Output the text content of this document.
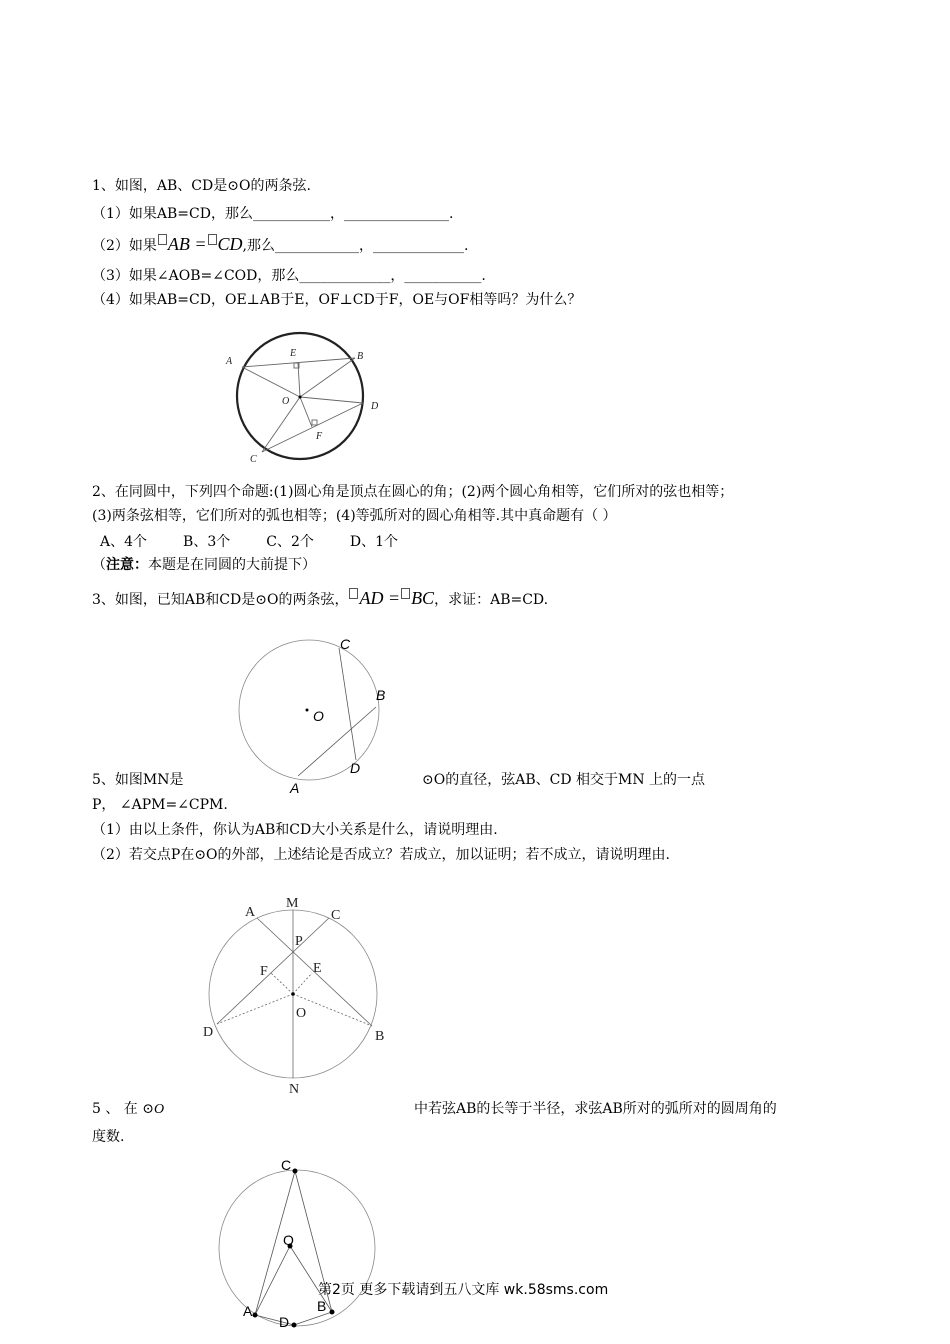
1、如图，AB、CD是⊙O的两条弦.
（1）如果AB=CD，那么___________，_______________.
（2）如果 AB = CD,那么____________，_____________.
（3）如果∠AOB=∠COD，那么_____________，___________.
（4）如果AB=CD，OE⊥AB于E，OF⊥CD于F，OE与OF相等吗？为什么？
A
E	B
O	D
F
C
2、在同圆中，下列四个命题:(1)圆心角是顶点在圆心的角；(2)两个圆心角相等，它们所对的弦也相等；
(3)两条弦相等，它们所对的弧也相等；(4)等弧所对的圆心角相等.其中真命题有（ ）
A、4个	B、3个	C、2个	D、1个
（注意：本题是在同圆的大前提下）
3、如图，已知AB和CD是⊙O的两条弦， AD = BC，求证：AB=CD.
C
B
O
D
A
5、如图MN是	⊙O的直径，弦AB、CD 相交于MN 上的一点
P， ∠APM=∠CPM.
（1）由以上条件，你认为AB和CD大小关系是什么，请说明理由.
（2）若交点P在⊙O的外部，上述结论是否成立？若成立，加以证明；若不成立，请说明理由.
A
M
C
P
F	E
O
D	B
N
5 、 在 ⊙O	中若弦AB的长等于半径，求弦AB所对的弧所对的圆周角的
度数.
C
O
B
A
D
第2页 更多下载请到五八文库 wk.58sms.com
